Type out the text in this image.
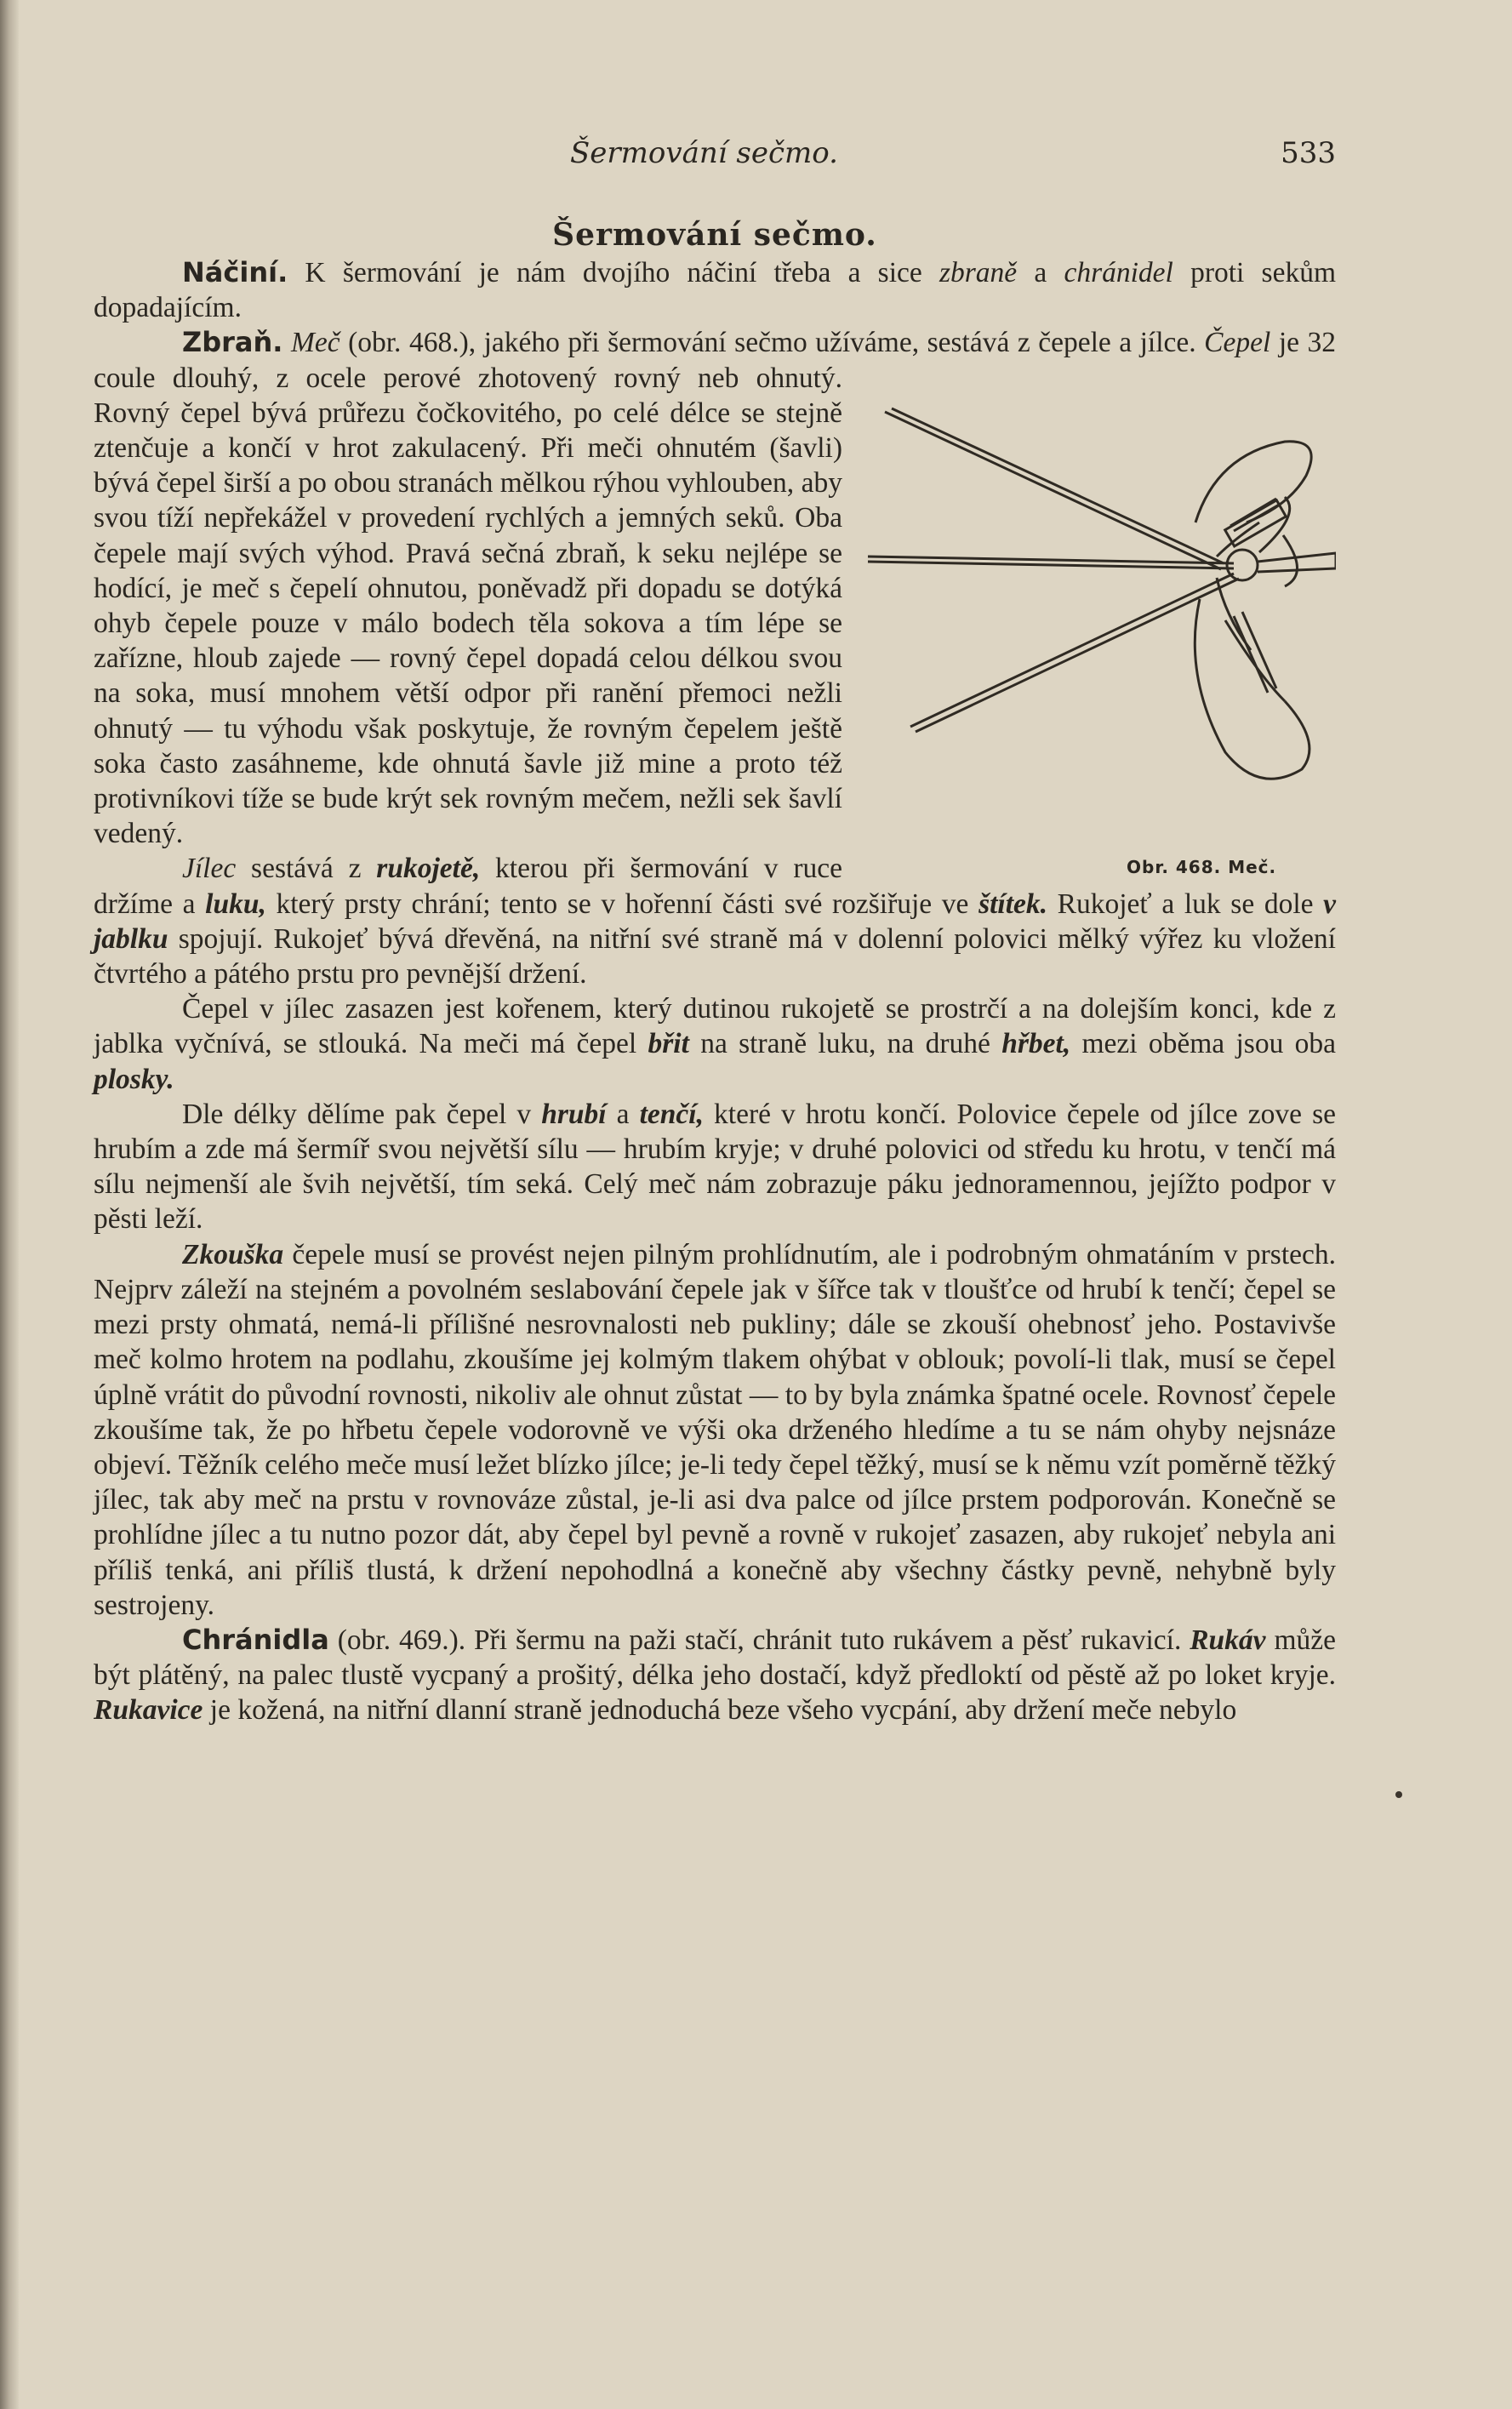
Šermování sečmo.	533
Šermování sečmo.

Náčiní. K šermování je nám dvojího náčiní třeba a sice zbraně a chránidel proti sekům dopadajícím.

Zbraň. Meč (obr. 468.), jakého při šermování sečmo užíváme, sestává z čepele a jílce. Čepel
Obr. 468. Meč.
je 32 coule dlouhý, z ocele perové zhotovený rovný neb ohnutý. Rovný čepel bývá průřezu čočkovitého, po celé délce se stejně ztenčuje a končí v hrot zakulacený. Při meči ohnutém (šavli) bývá čepel širší a po obou stranách mělkou rýhou vyhlouben, aby svou tíží nepřekážel v provedení rychlých a jemných seků. Oba čepele mají svých výhod. Pravá sečná zbraň, k seku nejlépe se hodící, je meč s čepelí ohnutou, poněvadž při dopadu se dotýká ohyb čepele pouze v málo bodech těla sokova a tím lépe se zařízne, hloub zajede — rovný čepel dopadá celou délkou svou na soka, musí mnohem větší odpor při ranění přemoci nežli ohnutý — tu výhodu však poskytuje, že rovným čepelem ještě soka často zasáhneme, kde ohnutá šavle již mine a proto též protivníkovi tíže se bude krýt sek rovným mečem, nežli sek šavlí vedený.

Jílec sestává z rukojetě, kterou při šermování v ruce držíme a luku, který prsty chrání; tento se v hořenní části své rozšiřuje ve štítek. Rukojeť a luk se dole v jablku spojují. Rukojeť bývá dřevěná, na nitřní své straně má v dolenní polovici mělký výřez ku vložení čtvrtého a pátého prstu pro pevnější držení.

Čepel v jílec zasazen jest kořenem, který dutinou rukojetě se prostrčí a na dolejším konci, kde z jablka vyčnívá, se stlouká. Na meči má čepel břit na straně luku, na druhé hřbet, mezi oběma jsou oba plosky.

Dle délky dělíme pak čepel v hrubí a tenčí, které v hrotu končí. Polovice čepele od jílce zove se hrubím a zde má šermíř svou největší sílu — hrubím kryje; v druhé polovici od středu ku hrotu, v tenčí má sílu nejmenší ale švih největší, tím seká. Celý meč nám zobrazuje páku jednoramennou, jejížto podpor v pěsti leží.

Zkouška čepele musí se provést nejen pilným prohlídnutím, ale i podrobným ohmatáním v prstech. Nejprv záleží na stejném a povolném seslabování čepele jak v šířce tak v tloušťce od hrubí k tenčí; čepel se mezi prsty ohmatá, nemá-li přílišné nesrovnalosti neb pukliny; dále se zkouší ohebnosť jeho. Postavivše meč kolmo hrotem na podlahu, zkoušíme jej kolmým tlakem ohýbat v oblouk; povolí-li tlak, musí se čepel úplně vrátit do původní rovnosti, nikoliv ale ohnut zůstat — to by byla známka špatné ocele. Rovnosť čepele zkoušíme tak, že po hřbetu čepele vodorovně ve výši oka drženého hledíme a tu se nám ohyby nejsnáze objeví. Těžník celého meče musí ležet blízko jílce; je-li tedy čepel těžký, musí se k němu vzít poměrně těžký jílec, tak aby meč na prstu v rovnováze zůstal, je-li asi dva palce od jílce prstem podporován. Konečně se prohlídne jílec a tu nutno pozor dát, aby čepel byl pevně a rovně v rukojeť zasazen, aby rukojeť nebyla ani příliš tenká, ani příliš tlustá, k držení nepohodlná a konečně aby všechny částky pevně, nehybně byly sestrojeny.

Chránidla (obr. 469.). Při šermu na paži stačí, chránit tuto rukávem a pěsť rukavicí. Rukáv může být plátěný, na palec tlustě vycpaný a prošitý, délka jeho dostačí, když předloktí od pěstě až po loket kryje. Rukavice je kožená, na nitřní dlanní straně jednoduchá beze všeho vycpání, aby držení meče nebylo
